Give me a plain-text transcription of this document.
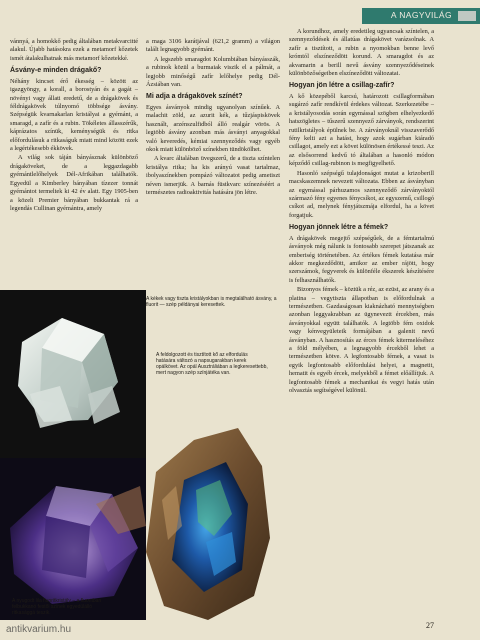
A NAGYVILÁG

vánnyá, a homokkő pedig általában metakvarcitté alakul. Újabb hatásokra ezek a metamorf kőzetek ismét átalakulhatnak más metamorf kőzetekké.

Ásvány-e minden drágakő?

Néhány kincset érő ékesség – között az igazgyöngy, a korall, a borostyán és a gagát – növényi vagy állati eredetű, de a drágakövek és féldrágakövek túlnyomó többsége ásvány. Szépségük kvarnakarlan kristályai a gyémánt, a smaragd, a zafír és a rubin. Tökéletes állasszérűk, káprázatos színük, keménységük és ritka előfordulásuk a ritkaságuk miatt mind között ezek a legértékesebb ékkövek.

A világ sok táján bányásznak különböző drágaköveket, de a leggazdagabb gyémántlelőhelyek Dél-Afrikában találhatók. Egyedül a Kimberley bányában tízezer tonnát gyémántot termeltek ki 42 év alatt. Egy 1905-ben a közeli Premier bányában bukkantak rá a legendás Cullinan gyémántra, amely

a maga 3106 karátjával (621,2 gramm) a világon talált legnagyobb gyémánt.

A legszebb smaragdot Kolumbiában bányásszák, a rubinok közül a burmaiak viszik el a pálmát, a legjobb minőségű zafír lelőhelye pedig Dél-Ázsiában van.

Mi adja a drágakövek színét?

Egyes ásványok mindig ugyanolyan színűek. A malachit zöld, az azurit kék, a tűzjáspiskövek használt, arzénszulfidból álló realgár vörös. A legtöbb ásvány azonban más ásványi anyagokkal való keveredés, kémiai szennyeződés vagy egyéb okok miatt különböző színekben tündökölhet.

A kvarc általában üvegszerű, de a tiszta színtelen kristálya ritka; ha kis arányú vasat tartalmaz, ibolyaszínekben pompázó változatot pedig ametiszt néven ismerjük. A barnás füstkvarc színezéséért a természetes radioaktivitás hatására jön létre.

A korundhoz, amely eredetileg ugyancsak színtelen, a szennyeződések és állatúas drágakövet varázsolnak. A zafír a tisztított, a rubin a nyomokban benne levő krómtól elszíneződött korund. A smaragdot és az akvamarin a berill nevű ásvány szennyeződéseinek különbözőségeiben elszíneződött változatai.

Hogyan jön létre a csillag-zafír?

A kő közepéből karcsú, határozott csillagformában sugárzó zafír rendkívül érdekes változat. Szerkezetébe – a kristályosodás során egymással szögben elhelyezkedő hatszögletes – tűszerű szennyező zárványok, rendszerint rutilkristályok épülnek be. A zárványoknál visszaverődő fény kelti azt a hatást, hogy azok sugárban kiáradó csillagot, amely ezt a követ különösen értékessé teszi. Az az elsősorrend kedvű tó általában a hasonló módon képződő csillag-rubinon is megfigyelhető.

Hasonló szépségű tulajdonságot mutat a krizoberill macskaszemnek nevezett változata. Ebben az ásványban az egymással párhuzamos szennyeződő zárványoktól származó fény egyenes fénycsíkot, az egyszemű, csillogó csíkot ad, melynek fényjátszmája elfordul, ha a követ forgatjuk.

Hogyan jönnek létre a fémek?

A drágakövek megejtő szépségűek, de a fémtartalmú ásványok még nálunk is fontosabb szerepet játszanak az emberiség történetében. Az értékes fémek kutatása már akkor megkezdődött, amikor az ember rájött, hogy szerszámok, fegyverek és különféle ékszerek készítésére is felhasználhatók.

Bizonyos fémek – köztük a réz, az ezüst, az arany és a platina – vegytiszta állapotban is előfordulnak a természetben. Gazdaságosan kiaknázható mennyiségben azonban leggyakrabban az ügyneveztt ércekben, más ásványokkal együtt találhatók. A legtöbb fém oxidok vagy kénvegyületeik formájában a galenit nevű ásványban. A hasznosítás az érces fémek kitermeléséhez a föld mélyében, a legnagyobb ércekből lehet a természetben kötve. A legfontosabb fémek, a vasat is egyik legfontosabb előfordulási helyei, a magnetit, hematit és egyéb ércek, melyekből a fémet előállítjuk. A legfontosabb fémek a mechanikai és vegyi hatás után olvasztás segítségével különül.

A kékek vagy tiszta kristályokban is megtalálható ásvány, a fluorit — szép példányai keresettek.
A feldolgozott és tisztított kő az elfordulás hatására változó a napsugarakban kerek opálkövet. Az opál Ausztráliában a legkeresettebb, mert nagyon szép színjátéka van.
A nyugodt lila fluoritkristály – a fluoritban felbukkanó festői színek egyedülálló ritkasággá teszik.
27
antikvarium.hu
